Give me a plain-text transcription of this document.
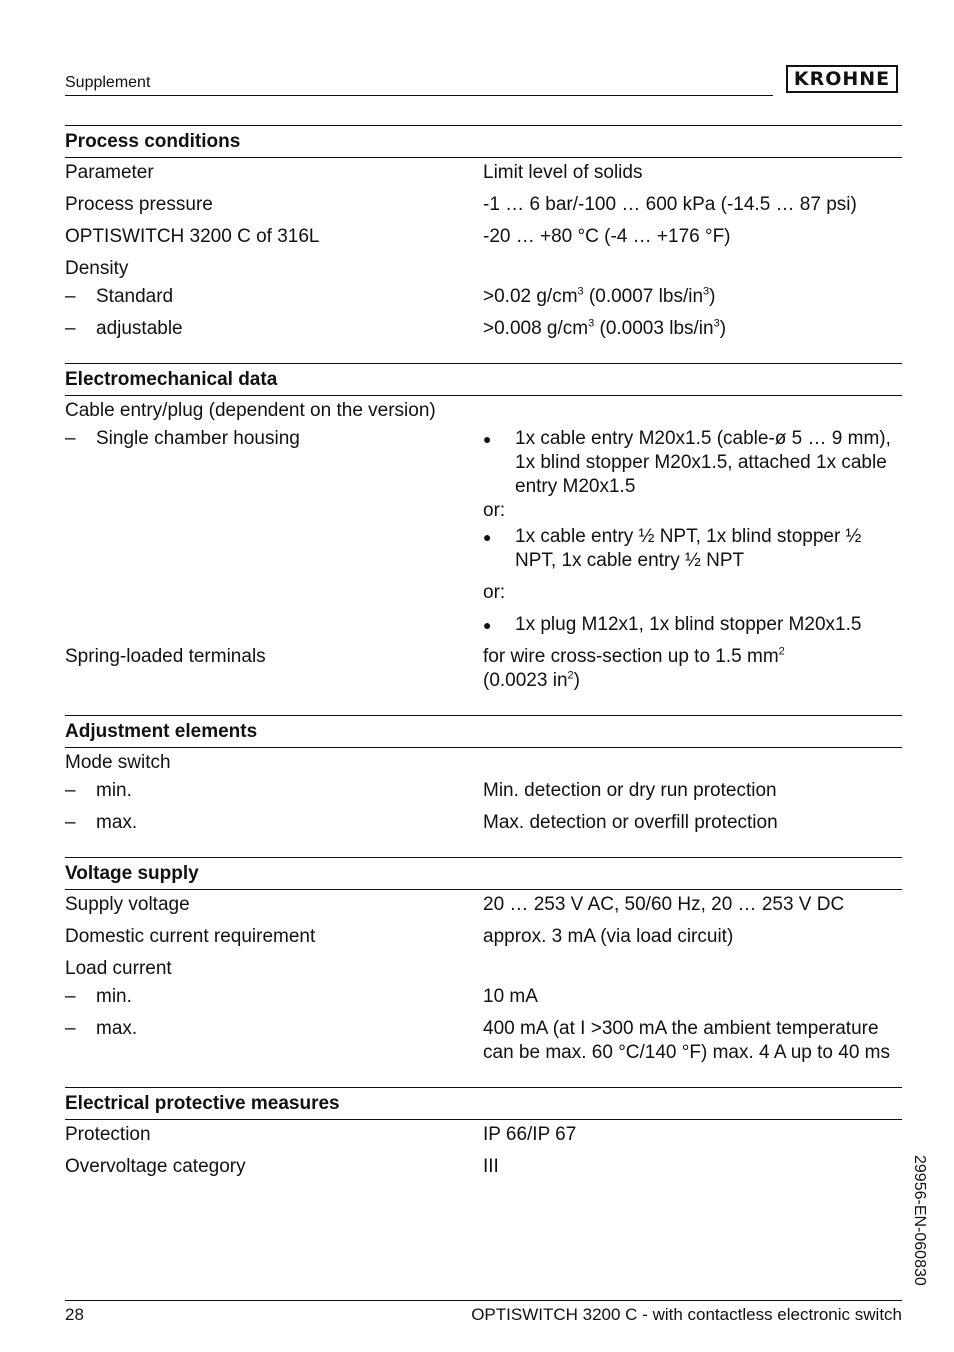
Supplement	KROHNE
Process conditions
Parameter	Limit level of solids
Process pressure	-1 … 6 bar/-100 … 600 kPa (-14.5 … 87 psi)
OPTISWITCH 3200 C of 316L	-20 … +80 °C (-4 … +176 °F)
Density
– Standard	>0.02 $g/cm^3$ (0.0007 lbs/$in^3$)
– adjustable	>0.008 $g/cm^3$ (0.0003 lbs/$in^3$)
Electromechanical data
Cable entry/plug (dependent on the version)
– Single chamber housing	●	1x cable entry M20x1.5 (cable-ø 5 … 9 mm), 1x blind stopper M20x1.5, attached 1x cable entry M20x1.5
or:
●	1x cable entry ½ NPT, 1x blind stopper ½ NPT, 1x cable entry ½ NPT
or:
●	1x plug M12x1, 1x blind stopper M20x1.5
Spring-loaded terminals	for wire cross-section up to 1.5 $mm^2$
(0.0023 $in^2$)
Adjustment elements
Mode switch
– min.	Min. detection or dry run protection
– max.	Max. detection or overfill protection
Voltage supply
Supply voltage	20 … 253 V AC, 50/60 Hz, 20 … 253 V DC
Domestic current requirement	approx. 3 mA (via load circuit)
Load current
– min.	10 mA
– max.	400 mA (at I >300 mA the ambient temperature can be max. 60 °C/140 °F) max. 4 A up to 40 ms
Electrical protective measures
Protection	IP 66/IP 67
Overvoltage category	III	29956-EN-060830
28	OPTISWITCH 3200 C - with contactless electronic switch
